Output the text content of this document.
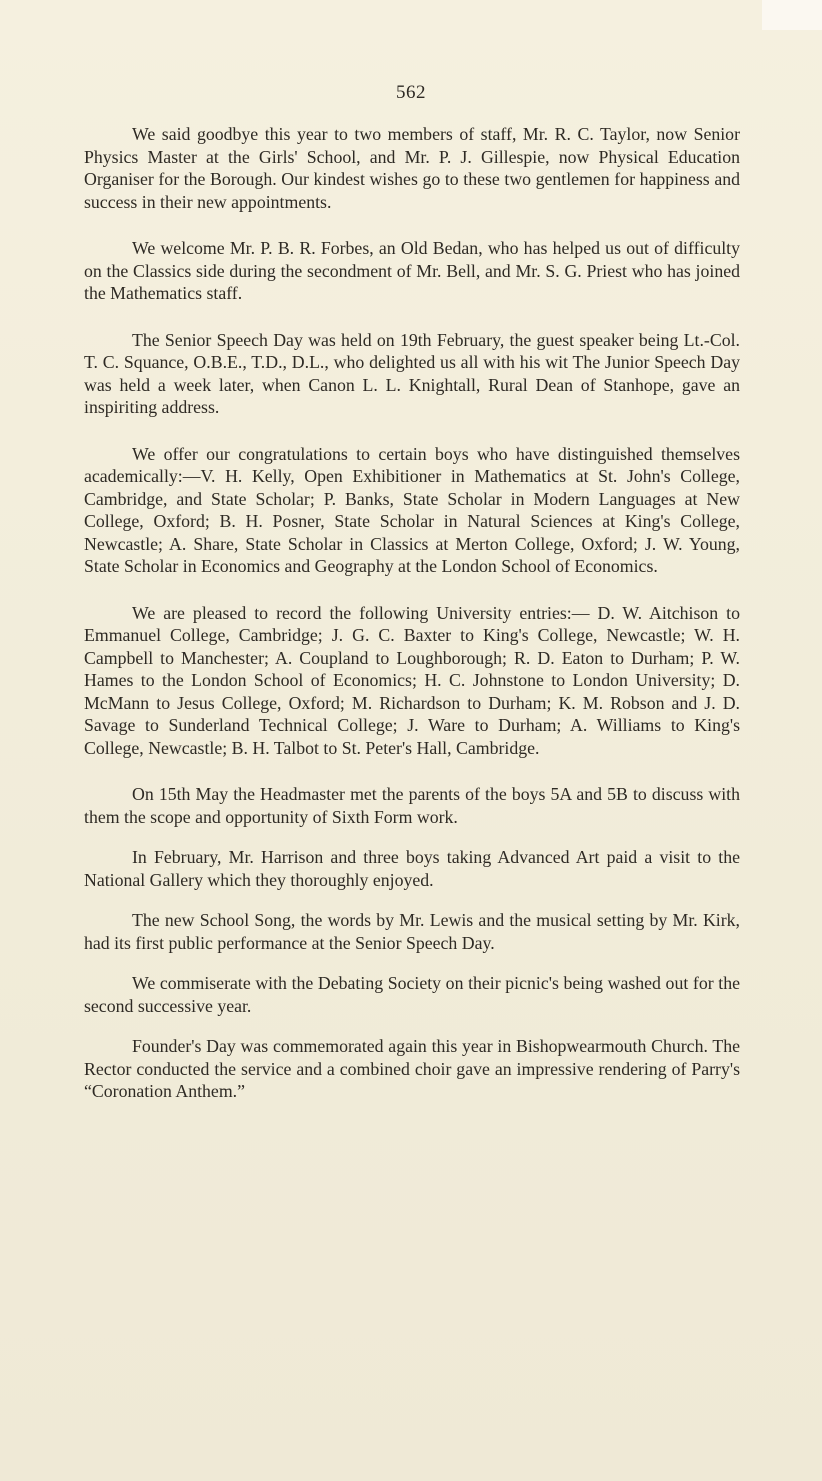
562

We said goodbye this year to two members of staff, Mr. R. C. Taylor, now Senior Physics Master at the Girls' School, and Mr. P. J. Gillespie, now Physical Education Organiser for the Borough. Our kindest wishes go to these two gentlemen for happiness and success in their new appointments.

We welcome Mr. P. B. R. Forbes, an Old Bedan, who has helped us out of difficulty on the Classics side during the secondment of Mr. Bell, and Mr. S. G. Priest who has joined the Mathematics staff.

The Senior Speech Day was held on 19th February, the guest speaker being Lt.-Col. T. C. Squance, O.B.E., T.D., D.L., who delighted us all with his wit The Junior Speech Day was held a week later, when Canon L. L. Knightall, Rural Dean of Stanhope, gave an inspiriting address.

We offer our congratulations to certain boys who have distinguished themselves academically:—V. H. Kelly, Open Exhibitioner in Mathematics at St. John's College, Cambridge, and State Scholar; P. Banks, State Scholar in Modern Languages at New College, Oxford; B. H. Posner, State Scholar in Natural Sciences at King's College, Newcastle; A. Share, State Scholar in Classics at Merton College, Oxford; J. W. Young, State Scholar in Economics and Geography at the London School of Economics.

We are pleased to record the following University entries:— D. W. Aitchison to Emmanuel College, Cambridge; J. G. C. Baxter to King's College, Newcastle; W. H. Campbell to Manchester; A. Coupland to Loughborough; R. D. Eaton to Durham; P. W. Hames to the London School of Economics; H. C. Johnstone to London University; D. McMann to Jesus College, Oxford; M. Richardson to Durham; K. M. Robson and J. D. Savage to Sunderland Technical College; J. Ware to Durham; A. Williams to King's College, Newcastle; B. H. Talbot to St. Peter's Hall, Cambridge.

On 15th May the Headmaster met the parents of the boys 5A and 5B to discuss with them the scope and opportunity of Sixth Form work.

In February, Mr. Harrison and three boys taking Advanced Art paid a visit to the National Gallery which they thoroughly enjoyed.

The new School Song, the words by Mr. Lewis and the musical setting by Mr. Kirk, had its first public performance at the Senior Speech Day.

We commiserate with the Debating Society on their picnic's being washed out for the second successive year.

Founder's Day was commemorated again this year in Bishopwearmouth Church. The Rector conducted the service and a combined choir gave an impressive rendering of Parry's “Coronation Anthem.”
